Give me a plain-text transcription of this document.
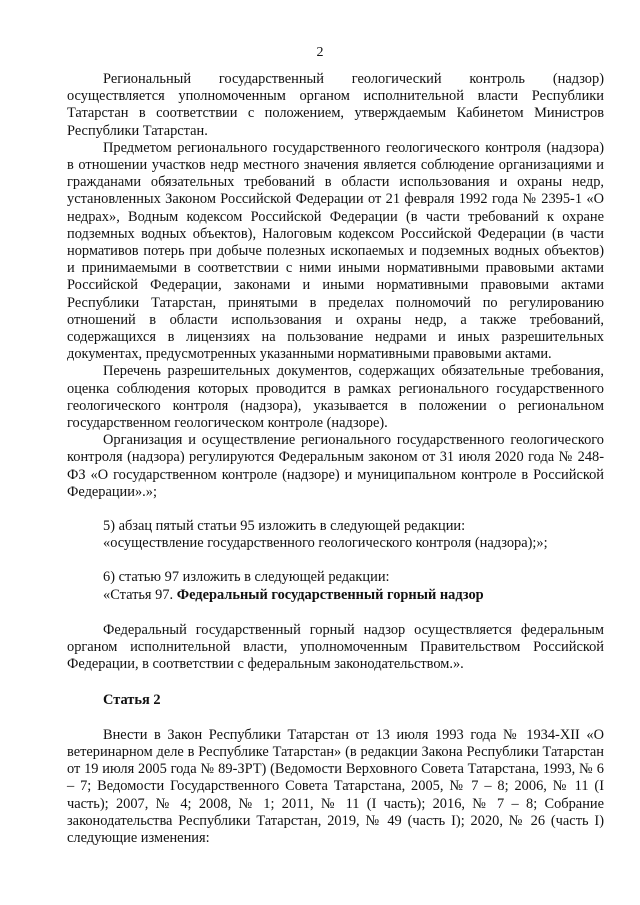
2

Региональный государственный геологический контроль (надзор) осуществляется уполномоченным органом исполнительной власти Республики Татарстан в соответствии с положением, утверждаемым Кабинетом Министров Республики Татарстан.

Предметом регионального государственного геологического контроля (надзора) в отношении участков недр местного значения является соблюдение организациями и гражданами обязательных требований в области использования и охраны недр, установленных Законом Российской Федерации от 21 февраля 1992 года № 2395-1 «О недрах», Водным кодексом Российской Федерации (в части требований к охране подземных водных объектов), Налоговым кодексом Российской Федерации (в части нормативов потерь при добыче полезных ископаемых и подземных водных объектов) и принимаемыми в соответствии с ними иными нормативными правовыми актами Российской Федерации, законами и иными нормативными правовыми актами Республики Татарстан, принятыми в пределах полномочий по регулированию отношений в области использования и охраны недр, а также требований, содержащихся в лицензиях на пользование недрами и иных разрешительных документах, предусмотренных указанными нормативными правовыми актами.

Перечень разрешительных документов, содержащих обязательные требования, оценка соблюдения которых проводится в рамках регионального государственного геологического контроля (надзора), указывается в положении о региональном государственном геологическом контроле (надзоре).

Организация и осуществление регионального государственного геологического контроля (надзора) регулируются Федеральным законом от 31 июля 2020 года № 248-ФЗ «О государственном контроле (надзоре) и муниципальном контроле в Российской Федерации».»;

5) абзац пятый статьи 95 изложить в следующей редакции:

«осуществление государственного геологического контроля (надзора);»;

6) статью 97 изложить в следующей редакции:

«Статья 97. Федеральный государственный горный надзор

Федеральный государственный горный надзор осуществляется федеральным органом исполнительной власти, уполномоченным Правительством Российской Федерации, в соответствии с федеральным законодательством.».

Статья 2

Внести в Закон Республики Татарстан от 13 июля 1993 года № 1934-XII «О ветеринарном деле в Республике Татарстан» (в редакции Закона Республики Татарстан от 19 июля 2005 года № 89-ЗРТ) (Ведомости Верховного Совета Татарстана, 1993, № 6 – 7; Ведомости Государственного Совета Татарстана, 2005, № 7 – 8; 2006, № 11 (I часть); 2007, № 4; 2008, № 1; 2011, № 11 (I часть); 2016, № 7 – 8; Собрание законодательства Республики Татарстан, 2019, № 49 (часть I); 2020, № 26 (часть I) следующие изменения:
